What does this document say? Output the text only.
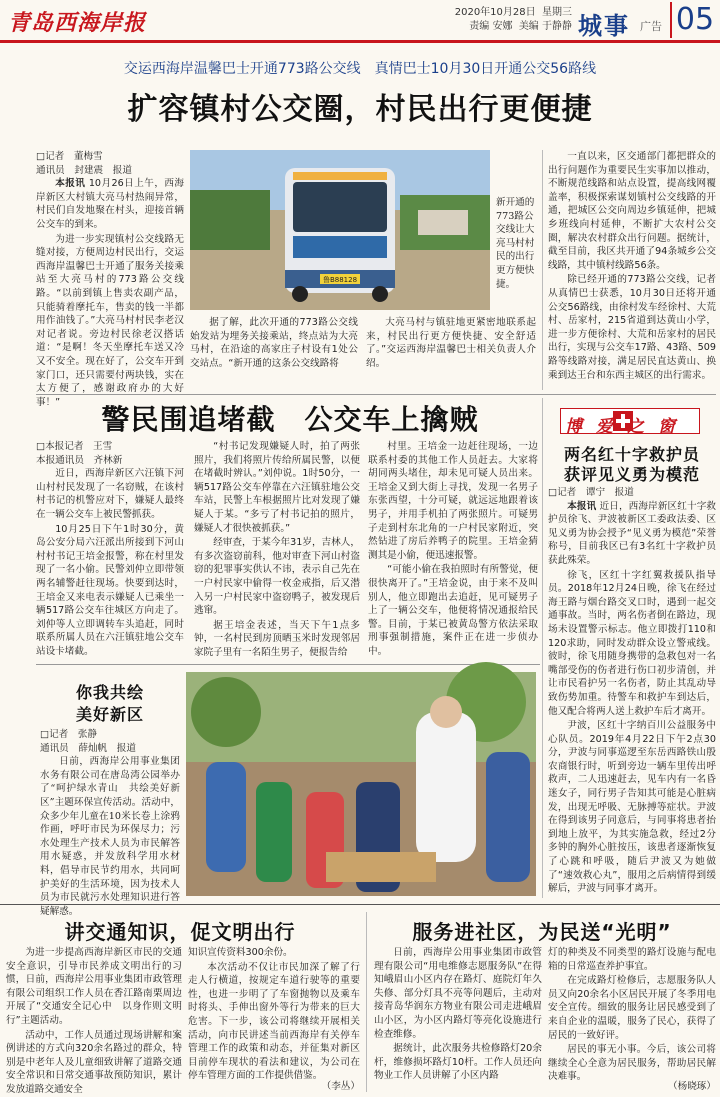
青岛西海岸报	2020年10月28日 星期三
责编 安娜 美编 于静静 城事 广告 05
交运西海岸温馨巴士开通773路公交线　真情巴士10月30日开通公交56路线
扩容镇村公交圈，村民出行更便捷
□记者　董梅雪
通讯员　封建震　报道

本报讯 10月26日上午，西海岸新区大村镇大亮马村热闹异常，村民们自发地聚在村头，迎接首辆公交车的到来。

为进一步实现镇村公交线路无缝对接，方便周边村民出行，交运西海岸温馨巴士开通了服务关接乘站至大亮马村的773路公交线路。“以前到镇上售卖农副产品，只能骑着摩托车，售卖的钱一半都用作油钱了。”大亮马村村民李老汉对记者说。旁边村民徐老汉搭话道：“是啊！冬天坐摩托车送又冷又不安全。现在好了，公交车开到家门口，还只需要付两块钱，实在太方便了，感谢政府办的大好事！”

鲁B88128
新开通的773路公交线让大亮马村村民的出行更方便快捷。

据了解，此次开通的773路公交线始发站为埋务关接乘站，终点站为大亮马村，在沿途的高家庄子村设有1处公交站点。“新开通的这条公交线路将

大亮马村与镇驻地更紧密地联系起来，村民出行更方便快捷、安全舒适了。”交运西海岸温馨巴士相关负责人介绍。

一直以来，区交通部门都把群众的出行问题作为重要民生实事加以推动，不断规范线路和站点设置，提高线网覆盖率，积极探索谋划镇村公交线路的开通，把城区公交向周边乡镇延伸，把城乡班线向村延伸，不断扩大农村公交圈，解决农村群众出行问题。据统计，截至目前，我区共开通了94条城乡公交线路，其中镇村线路56条。

除已经开通的773路公交线，记者从真情巴士获悉，10月30日还将开通公交56路线，由徐村发车经徐村、大荒村、岳家村，215省道到达黄山小学，进一步方便徐村、大荒和岳家村的居民出行，实现与公交车17路、43路、509路等线路对接，满足居民直达黄山、换乘到达王台和东西主城区的出行需求。

警民围追堵截　公交车上擒贼
□本报记者　王雪
本报通讯员　齐林新

近日，西海岸新区六汪镇下河山村村民发现了一名窃贼，在该村村书记的机警应对下，嫌疑人最终在一辆公交车上被民警抓获。

10月25日下午1时30分，黄岛公安分局六汪派出所接到下河山村村书记王培金报警，称在村里发现了一名小偷。民警刘仲立即带领两名辅警赶往现场。快要到达时，王培金又来电表示嫌疑人已乘坐一辆517路公交车往城区方向走了。刘仲等人立即调转车头追赶，同时联系所属人员在六汪镇驻地公交车站设卡堵截。

“村书记发现嫌疑人时，拍了两张照片，我们将照片传给所属民警，以便在堵截时辨认。”刘仲说。1时50分，一辆517路公交车停靠在六汪镇驻地公交车站，民警上车根据照片比对发现了嫌疑人于某。“多亏了村书记拍的照片，嫌疑人才很快被抓获。”

经审查，于某今年31岁，吉林人，有多次盗窃前科，他对审查下河山村盗窃的犯罪事实供认不讳，表示自己先在一户村民家中偷得一枚金戒指，后又潜入另一户村民家中盗窃鸭子，被发现后逃窜。

据王培金表述，当天下午1点多钟，一名村民到房顶晒玉米时发现邻居家院子里有一名陌生男子，便报告给

村里。王培金一边赶往现场，一边联系村委的其他工作人员赶去。大家将胡同两头堵住，却未见可疑人员出来。王培金又到大街上寻找，发现一名男子东张西望，十分可疑，就远远地跟着该男子，并用手机拍了两张照片。可疑男子走到村东北角的一户村民家附近，突然钻进了房后养鸭子的院里。王培金猜测其是小偷，便迅速报警。

“可能小偷在我拍照时有所警觉，便很快离开了。”王培金说，由于来不及叫别人，他立即跑出去追赶，见可疑男子上了一辆公交车，他便将情况通报给民警。目前，于某已被黄岛警方依法采取刑事强制措施，案件正在进一步侦办中。

博爱之窗
两名红十字救护员
获评见义勇为模范
□记者　谭宁　报道

本报讯 近日，西海岸新区红十字救护员徐飞、尹波被新区工委政法委、区见义勇为协会授予“见义勇为模范”荣誉称号，目前我区已有3名红十字救护员获此殊荣。

徐飞，区红十字红翼救援队指导员。2018年12月24日晚，徐飞在经过海王路与烟台路交叉口时，遇到一起交通事故。当时，两名伤者倒在路边，现场未设置警示标志。他立即拨打110和120求助，同时发动群众设立警戒线。彼时，徐飞用随身携带的急救包对一名嘴部受伤的伤者进行伤口初步清创，并让市民看护另一名伤者，防止其乱动导致伤势加重。待警车和救护车到达后，他又配合将两人送上救护车后才离开。

尹波，区红十字纳百川公益服务中心队员。2019年4月22日下午2点30分，尹波与同事巡逻至东岳西路铁山殷农商银行时，听到旁边一辆车里传出呼救声，二人迅速赶去，见车内有一名昏迷女子，同行男子告知其可能是心脏病发，出现无呼吸、无脉搏等症状。尹波在得到该男子同意后，与同事将患者抬到地上放平，为其实施急救，经过2分多钟的胸外心脏按压，该患者逐渐恢复了心跳和呼吸，随后尹波又为她做了“速效救心丸”，服用之后病情得到缓解后，尹波与同事才离开。

你我共绘
美好新区
□记者　张静
通讯员　薛灿帆　报道

日前，西海岸公用事业集团水务有限公司在唐岛湾公园举办了“呵护绿水青山　共绘美好新区”主题环保宣传活动。活动中，众多少年儿童在10米长卷上涂鸦作画，呼吁市民为环保尽力；污水处理生产技术人员为市民解答用水疑惑，并发放科学用水材料，倡导市民节约用水，共同呵护美好的生活环境，因为技术人员为市民就污水处理知识进行答疑解惑。

讲交通知识，促文明出行

为进一步提高西海岸新区市民的交通安全意识，引导市民养成文明出行的习惯，日前，西海岸公用事业集团市政管理有限公司组织工作人员在香江路南栗周边开展了“交通安全记心中　以身作则文明行”主题活动。

活动中，工作人员通过现场讲解和案例讲述的方式向320余名路过的群众，特别是中老年人及儿童细致讲解了道路交通安全常识和日常交通事故预防知识，累计发放道路交通安全

知识宣传资料300余份。

本次活动不仅让市民加深了解了行走人行横道，按规定车道行驶等的重要性，也进一步明了了车窗抛物以及乘车时将头、手伸出窗外等行为带来的巨大危害。下一步，该公司将继续开展相关活动，向市民讲述当前西海岸有关停车管理工作的政策和动态，并征集对新区目前停车现状的看法和建议，为公司在停车管理方面的工作提供借鉴。

（李丛）
服务进社区，为民送“光明”

日前，西海岸公用事业集团市政管理有限公司“用电维修志愿服务队”在得知峨眉山小区内存在路灯、庭院灯年久失修、部分灯具不亮等问题后，主动对接青岛华润东方物业有限公司走进峨眉山小区，为小区内路灯等亮化设施进行检查维修。

据统计，此次服务共检修路灯20余杆，维修损坏路灯10杆。工作人员还向物业工作人员讲解了小区内路

灯的种类及不同类型的路灯设施与配电箱的日常巡查养护事宜。

在完成路灯检修后，志愿服务队人员又向20余名小区居民开展了冬季用电安全宣传。细致的服务让居民感受到了来自企业的温暖，服务了民心，获得了居民的一致好评。

居民的事无小事。今后，该公司将继续全心全意为居民服务，帮助居民解决难事。

（杨晓琢）
